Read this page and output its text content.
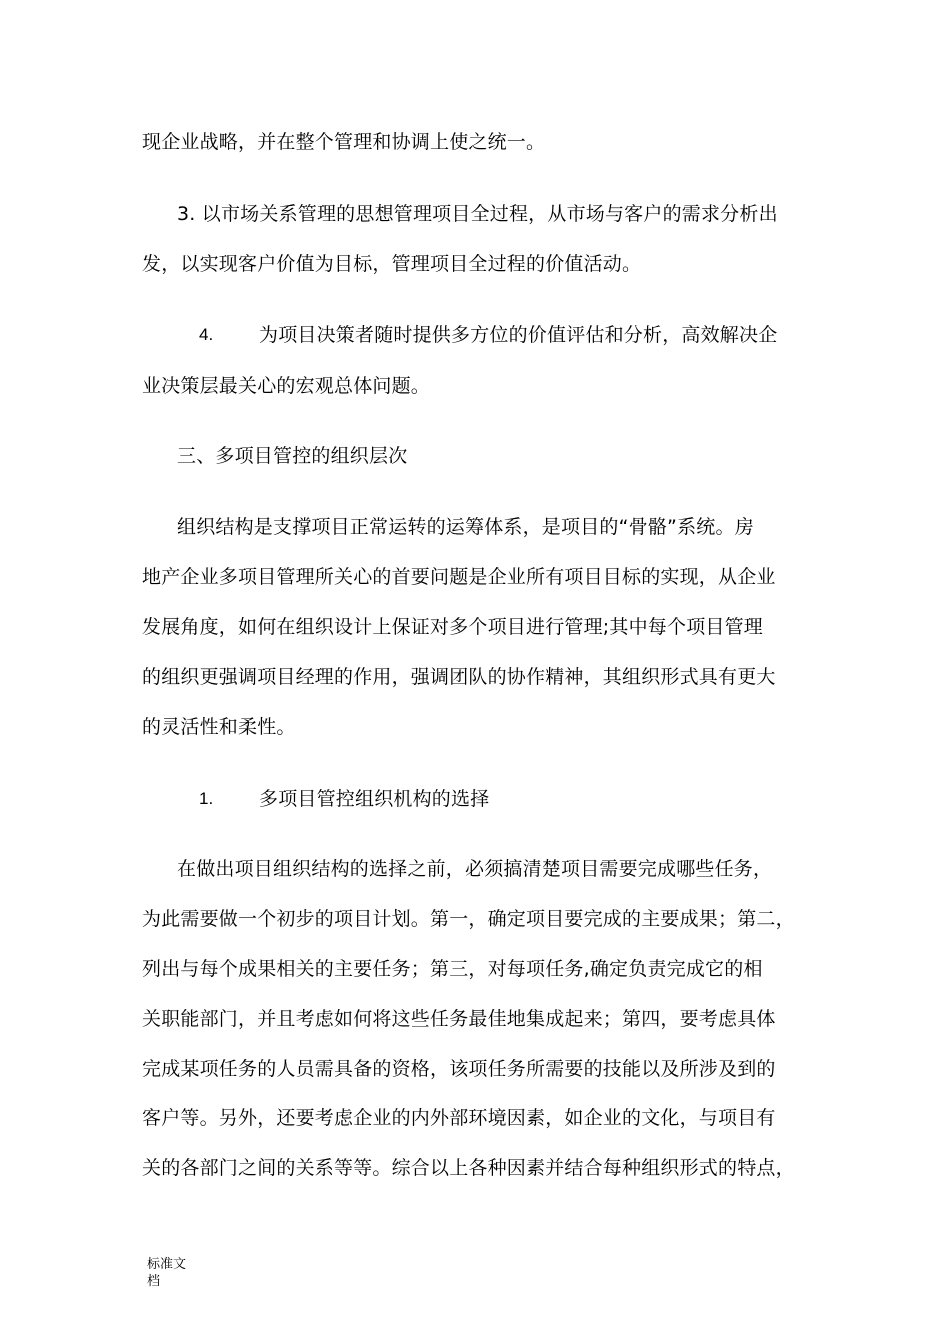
现企业战略，并在整个管理和协调上使之统一。
3. 以市场关系管理的思想管理项目全过程，从市场与客户的需求分析出
发，以实现客户价值为目标，管理项目全过程的价值活动。
4. 为项目决策者随时提供多方位的价值评估和分析，高效解决企
业决策层最关心的宏观总体问题。
三、多项目管控的组织层次
组织结构是支撑项目正常运转的运筹体系，是项目的“骨骼”系统。房
地产企业多项目管理所关心的首要问题是企业所有项目目标的实现，从企业
发展角度，如何在组织设计上保证对多个项目进行管理;其中每个项目管理
的组织更强调项目经理的作用，强调团队的协作精神，其组织形式具有更大
的灵活性和柔性。
1. 多项目管控组织机构的选择
在做出项目组织结构的选择之前，必须搞清楚项目需要完成哪些任务，
为此需要做一个初步的项目计划。第一，确定项目要完成的主要成果；第二，
列出与每个成果相关的主要任务；第三，对每项任务,确定负责完成它的相
关职能部门，并且考虑如何将这些任务最佳地集成起来；第四，要考虑具体
完成某项任务的人员需具备的资格，该项任务所需要的技能以及所涉及到的
客户等。另外，还要考虑企业的内外部环境因素，如企业的文化，与项目有
关的各部门之间的关系等等。综合以上各种因素并结合每种组织形式的特点，
标准文
档
